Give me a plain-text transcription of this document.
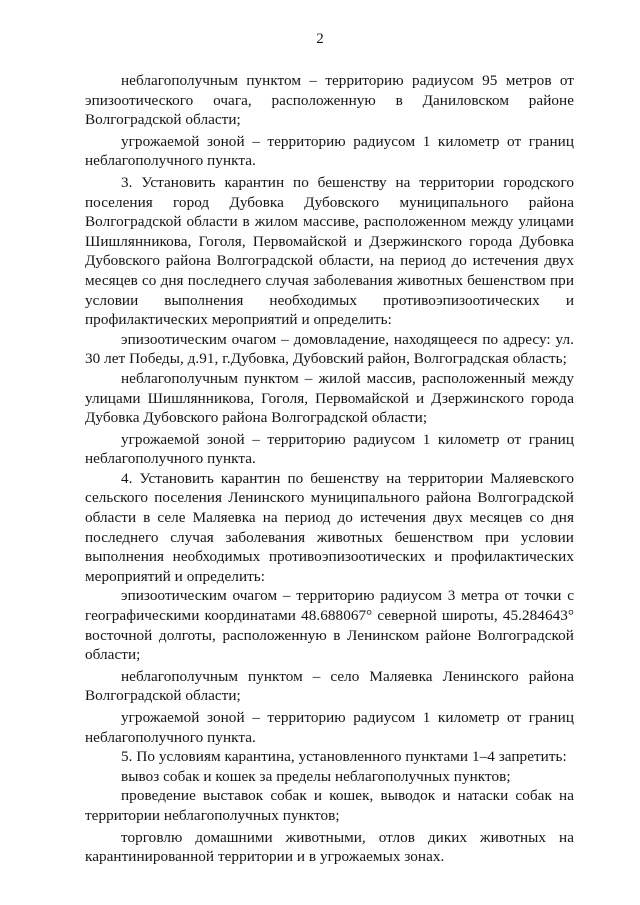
2

неблагополучным пунктом – территорию радиусом 95 метров от эпизоотического очага, расположенную в Даниловском районе Волгоградской области;

угрожаемой зоной – территорию радиусом 1 километр от границ неблагополучного пункта.

3. Установить карантин по бешенству на территории городского поселения город Дубовка Дубовского муниципального района Волгоградской области в жилом массиве, расположенном между улицами Шишлянникова, Гоголя, Первомайской и Дзержинского города Дубовка Дубовского района Волгоградской области, на период до истечения двух месяцев со дня последнего случая заболевания животных бешенством при условии выполнения необходимых противоэпизоотических и профилактических мероприятий и определить:

эпизоотическим очагом – домовладение, находящееся по адресу: ул. 30 лет Победы, д.91, г.Дубовка, Дубовский район, Волгоградская область;

неблагополучным пунктом – жилой массив, расположенный между улицами Шишлянникова, Гоголя, Первомайской и Дзержинского города Дубовка Дубовского района Волгоградской области;

угрожаемой зоной – территорию радиусом 1 километр от границ неблагополучного пункта.

4. Установить карантин по бешенству на территории Маляевского сельского поселения Ленинского муниципального района Волгоградской области в селе Маляевка на период до истечения двух месяцев со дня последнего случая заболевания животных бешенством при условии выполнения необходимых противоэпизоотических и профилактических мероприятий и определить:

эпизоотическим очагом – территорию радиусом 3 метра от точки с географическими координатами 48.688067° северной широты, 45.284643° восточной долготы, расположенную в Ленинском районе Волгоградской области;

неблагополучным пунктом – село Маляевка Ленинского района Волгоградской области;

угрожаемой зоной – территорию радиусом 1 километр от границ неблагополучного пункта.

5. По условиям карантина, установленного пунктами 1–4 запретить:

вывоз собак и кошек за пределы неблагополучных пунктов;

проведение выставок собак и кошек, выводок и натаски собак на территории неблагополучных пунктов;

торговлю домашними животными, отлов диких животных на карантинированной территории и в угрожаемых зонах.
